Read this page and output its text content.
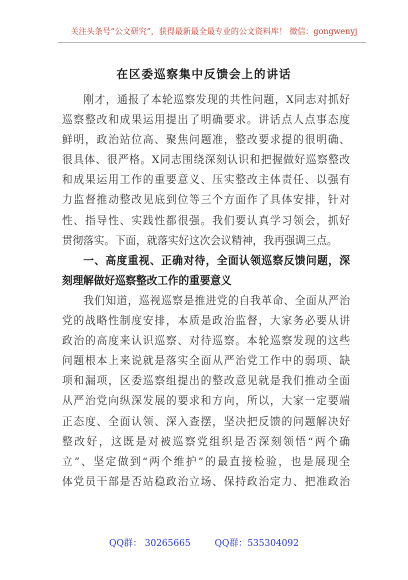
关注头条号“公文研究”，获得最新最全最专业的公文资料库！ 微信：gongwenyj
在区委巡察集中反馈会上的讲话
刚才，通报了本轮巡察发现的共性问题，X同志对抓好
巡察整改和成果运用提出了明确要求。讲话点人点事态度
鲜明，政治站位高、聚焦问题准，整改要求提的很明确、
很具体、很严格。X同志围绕深刻认识和把握做好巡察整改
和成果运用工作的重要意义、压实整改主体责任、以强有
力监督推动整改见底到位等三个方面作了具体安排，针对
性、指导性、实践性都很强。我们要认真学习领会，抓好
贯彻落实。下面，就落实好这次会议精神，我再强调三点。
一、高度重视、正确对待，全面认领巡察反馈问题，深
刻理解做好巡察整改工作的重要意义
我们知道，巡视巡察是推进党的自我革命、全面从严治
党的战略性制度安排，本质是政治监督，大家务必要从讲
政治的高度来认识巡察、对待巡察。本轮巡察发现的这些
问题根本上来说就是落实全面从严治党工作中的弱项、缺
项和漏项，区委巡察组提出的整改意见就是我们推动全面
从严治党向纵深发展的要求和方向，所以，大家一定要端
正态度、全面认领、深入查摆，坚决把反馈的问题解决好
整改好，这既是对被巡察党组织是否深刻领悟“两个确
立”、坚定做到“两个维护”的最直接检验，也是展现全
体党员干部是否站稳政治立场、保持政治定力、把准政治
QQ群： 30265665	QQ群：535304092
